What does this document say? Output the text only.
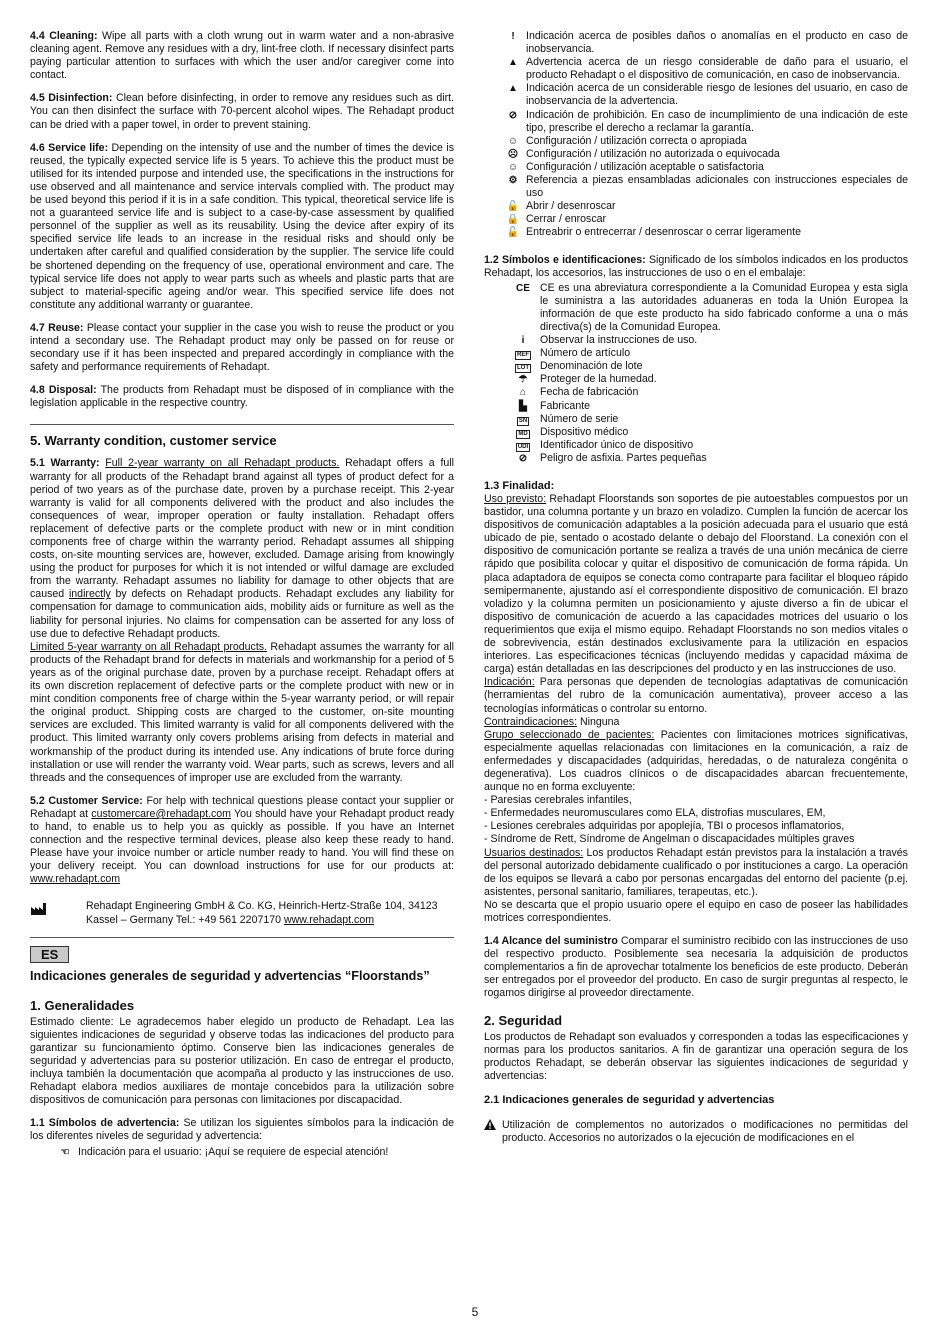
4.4 Cleaning: Wipe all parts with a cloth wrung out in warm water and a non-abrasive cleaning agent. Remove any residues with a dry, lint-free cloth. If necessary disinfect parts paying particular attention to surfaces with which the user and/or caregiver come into contact.

4.5 Disinfection: Clean before disinfecting, in order to remove any residues such as dirt. You can then disinfect the surface with 70-percent alcohol wipes. The Rehadapt product can be dried with a paper towel, in order to prevent staining.

4.6 Service life: Depending on the intensity of use and the number of times the device is reused, the typically expected service life is 5 years. To achieve this the product must be utilised for its intended purpose and intended use, the specifications in the instructions for use observed and all maintenance and service intervals complied with. The product may be used beyond this period if it is in a safe condition. This typical, theoretical service life is not a guaranteed service life and is subject to a case-by-case assessment by qualified personnel of the supplier as well as its reusability. Using the device after expiry of its specified service life leads to an increase in the residual risks and should only be undertaken after careful and qualified consideration by the supplier. The service life could be shortened depending on the frequency of use, operational environment and care. The typical service life does not apply to wear parts such as wheels and plastic parts that are subject to material-specific ageing and/or wear. This specified service life does not constitute any additional warranty or guarantee.

4.7 Reuse: Please contact your supplier in the case you wish to reuse the product or you intend a secondary use. The Rehadapt product may only be passed on for reuse or secondary use if it has been inspected and prepared accordingly in compliance with the safety and performance requirements of Rehadapt.

4.8 Disposal: The products from Rehadapt must be disposed of in compliance with the legislation applicable in the respective country.

5. Warranty condition, customer service

5.1 Warranty: Full 2-year warranty on all Rehadapt products. Rehadapt offers a full warranty for all products of the Rehadapt brand against all types of product defect for a period of two years as of the purchase date, proven by a purchase receipt. This 2-year warranty is valid for all components delivered with the product and also includes the consequences of wear, improper operation or faulty installation. Rehadapt offers replacement of defective parts or the complete product with new or in mint condition components free of charge within the warranty period. Rehadapt assumes all shipping costs, on-site mounting services are, however, excluded. Damage arising from knowingly using the product for purposes for which it is not intended or wilful damage are excluded from the warranty. Rehadapt assumes no liability for damage to other objects that are caused indirectly by defects on Rehadapt products. Rehadapt excludes any liability for compensation for damage to communication aids, mobility aids or furniture as well as the liability for personal injuries. No claims for compensation can be asserted for any loss of use due to defective Rehadapt products.
Limited 5-year warranty on all Rehadapt products. Rehadapt assumes the warranty for all products of the Rehadapt brand for defects in materials and workmanship for a period of 5 years as of the original purchase date, proven by a purchase receipt. Rehadapt offers at its own discretion replacement of defective parts or the complete product with new or in mint condition components free of charge within the 5-year warranty period, or will repair the original product. Shipping costs are charged to the customer, on-site mounting services are excluded. This limited warranty is valid for all components delivered with the product. This limited warranty only covers problems arising from defects in material and workmanship of the product during its intended use. Any indications of brute force during installation or use will render the warranty void. Wear parts, such as screws, levers and all threads and the consequences of improper use are excluded from the warranty.

5.2 Customer Service: For help with technical questions please contact your supplier or Rehadapt at customercare@rehadapt.com You should have your Rehadapt product ready to hand, to enable us to help you as quickly as possible. If you have an Internet connection and the respective terminal devices, please also keep these ready to hand. Please have your invoice number or article number ready to hand. You will find these on your delivery receipt. You can download instructions for use for our products at: www.rehadapt.com

Rehadapt Engineering GmbH & Co. KG, Heinrich-Hertz-Straße 104, 34123 Kassel – Germany Tel.: +49 561 2207170 www.rehadapt.com
ES
Indicaciones generales de seguridad y advertencias “Floorstands”
1. Generalidades

Estimado cliente: Le agradecemos haber elegido un producto de Rehadapt. Lea las siguientes indicaciones de seguridad y observe todas las indicaciones del producto para garantizar su funcionamiento óptimo. Conserve bien las indicaciones generales de seguridad y advertencias para su posterior utilización. En caso de entregar el producto, incluya también la documentación que acompaña al producto y las instrucciones de uso. Rehadapt elabora medios auxiliares de montaje concebidos para la utilización sobre dispositivos de comunicación para personas con limitaciones por discapacidad.

1.1 Símbolos de advertencia: Se utilizan los siguientes símbolos para la indicación de los diferentes niveles de seguridad y advertencia:

☜ Indicación para el usuario: ¡Aquí se requiere de especial atención!
!	Indicación acerca de posibles daños o anomalías en el producto en caso de inobservancia.
▲ Advertencia acerca de un riesgo considerable de daño para el usuario, el producto Rehadapt o el dispositivo de comunicación, en caso de inobservancia.
▲ Indicación acerca de un considerable riesgo de lesiones del usuario, en caso de inobservancia de la advertencia.
⊘ Indicación de prohibición. En caso de incumplimiento de una indicación de este tipo, prescribe el derecho a reclamar la garantía.
☺ Configuración / utilización correcta o apropiada
☹ Configuración / utilización no autorizada o equivocada
☺ Configuración / utilización aceptable o satisfactoria
⚙ Referencia a piezas ensambladas adicionales con instrucciones especiales de uso
🔓 Abrir / desenroscar
🔒 Cerrar / enroscar
🔓 Entreabrir o entrecerrar / desenroscar o cerrar ligeramente

1.2 Símbolos e identificaciones: Significado de los símbolos indicados en los productos Rehadapt, los accesorios, las instrucciones de uso o en el embalaje:

CE CE es una abreviatura correspondiente a la Comunidad Europea y esta sigla le suministra a las autoridades aduaneras en toda la Unión Europea la información de que este producto ha sido fabricado conforme a una o más directiva(s) de la Comunidad Europea.
i	Observar la instrucciones de uso.
REF	Número de artículo
LOT	Denominación de lote
☂	Proteger de la humedad.
⌂	Fecha de fabricación
▙	Fabricante
SN	Número de serie
MD	Dispositivo médico
UDI	Identificador único de dispositivo
⊘	Peligro de asfixia. Partes pequeñas
1.3 Finalidad:

Uso previsto: Rehadapt Floorstands son soportes de pie autoestables compuestos por un bastidor, una columna portante y un brazo en voladizo. Cumplen la función de acercar los dispositivos de comunicación adaptables a la posición adecuada para el usuario que está ubicado de pie, sentado o acostado delante o debajo del Floorstand. La conexión con el dispositivo de comunicación portante se realiza a través de una unión mecánica de cierre rápido que posibilita colocar y quitar el dispositivo de comunicación de forma rápida. Un placa adaptadora de equipos se conecta como contraparte para facilitar el bloqueo rápido semipermanente, ajustando así el correspondiente dispositivo de comunicación. El brazo voladizo y la columna permiten un posicionamiento y ajuste diverso a fin de ubicar el dispositivo de comunicación de acuerdo a las capacidades motrices del usuario o los requerimientos que exija el mismo equipo. Rehadapt Floorstands no son medios vitales o de sobrevivencia, están destinados exclusivamente para la utilización en espacios interiores. Las especificaciones técnicas (incluyendo medidas y capacidad máxima de carga) están detalladas en las descripciones del producto y en las instrucciones de uso.
Indicación: Para personas que dependen de tecnologías adaptativas de comunicación (herramientas del rubro de la comunicación aumentativa), proveer acceso a las tecnologías informáticas o controlar su entorno.
Contraindicaciones: Ninguna
Grupo seleccionado de pacientes: Pacientes con limitaciones motrices significativas, especialmente aquellas relacionadas con limitaciones en la comunicación, a raíz de enfermedades y discapacidades (adquiridas, heredadas, o de naturaleza congénita o degenerativa). Los cuadros clínicos o de discapacidades abarcan frecuentemente, aunque no en forma excluyente:

- Paresias cerebrales infantiles,
- Enfermedades neuromusculares como ELA, distrofias musculares, EM,
- Lesiones cerebrales adquiridas por apoplejía, TBI o procesos inflamatorios,
- Síndrome de Rett, Síndrome de Angelman o discapacidades múltiples graves

Usuarios destinados: Los productos Rehadapt están previstos para la instalación a través del personal autorizado debidamente cualificado o por instituciones a cargo. La operación de los equipos se llevará a cabo por personas encargadas del entorno del paciente (p.ej. asistentes, personal sanitario, familiares, terapeutas, etc.).
No se descarta que el propio usuario opere el equipo en caso de poseer las habilidades motrices correspondientes.

1.4 Alcance del suministro Comparar el suministro recibido con las instrucciones de uso del respectivo producto. Posiblemente sea necesaria la adquisición de productos complementarios a fin de aprovechar totalmente los beneficios de este producto. Deberán ser entregados por el proveedor del producto. En caso de surgir preguntas al respecto, le rogamos dirigirse al proveedor directamente.

2. Seguridad

Los productos de Rehadapt son evaluados y corresponden a todas las especificaciones y normas para los productos sanitarios. A fin de garantizar una operación segura de los productos Rehadapt, se deberán observar las siguientes indicaciones de seguridad y advertencias:

2.1 Indicaciones generales de seguridad y advertencias
Utilización de complementos no autorizados o modificaciones no permitidas del producto. Accesorios no autorizados o la ejecución de modificaciones en el
5
